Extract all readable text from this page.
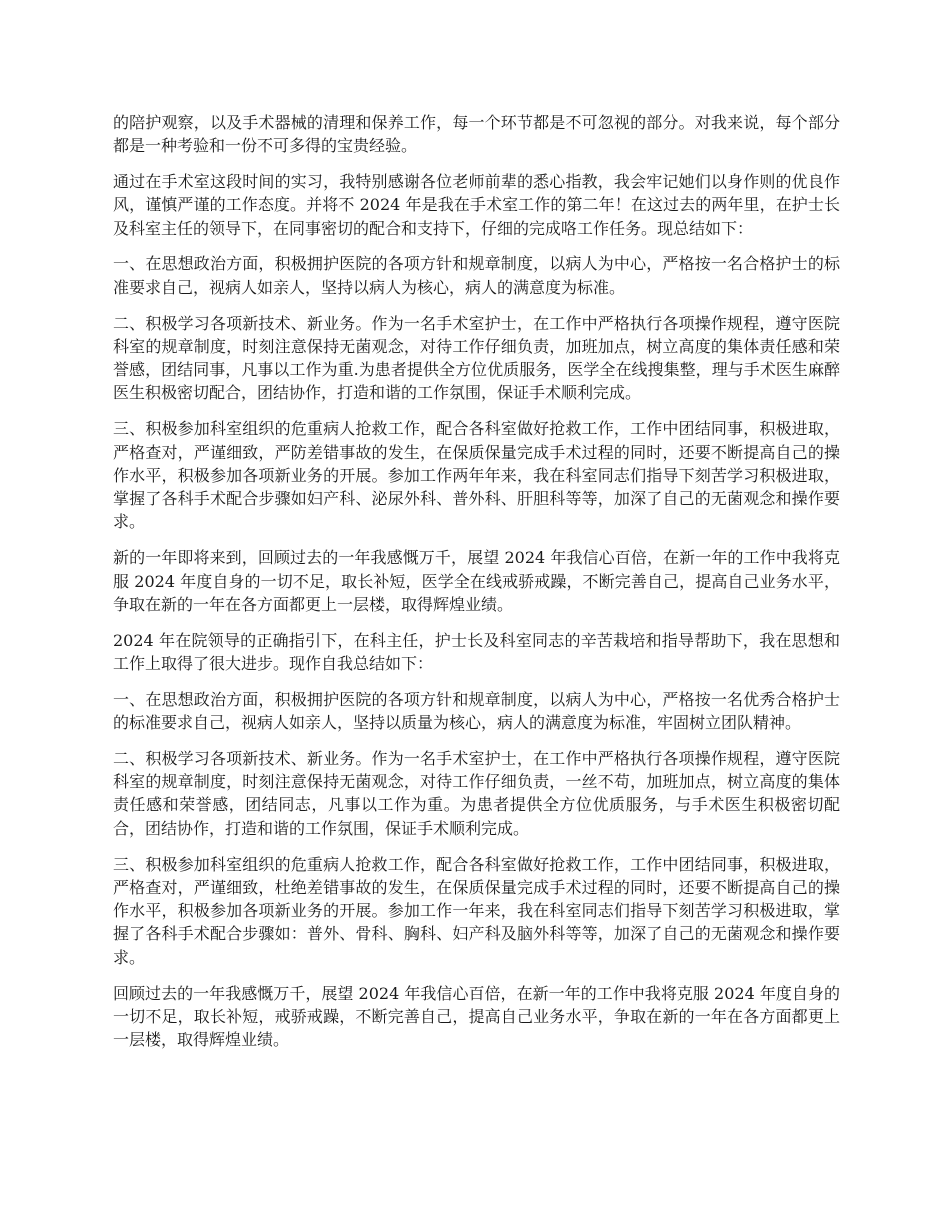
的陪护观察，以及手术器械的清理和保养工作，每一个环节都是不可忽视的部分。对我来说，每个部分都是一种考验和一份不可多得的宝贵经验。

通过在手术室这段时间的实习，我特别感谢各位老师前辈的悉心指教，我会牢记她们以身作则的优良作风，谨慎严谨的工作态度。并将不 2024 年是我在手术室工作的第二年！在这过去的两年里，在护士长及科室主任的领导下，在同事密切的配合和支持下，仔细的完成咯工作任务。现总结如下：

一、在思想政治方面，积极拥护医院的各项方针和规章制度，以病人为中心，严格按一名合格护士的标准要求自己，视病人如亲人，坚持以病人为核心，病人的满意度为标准。

二、积极学习各项新技术、新业务。作为一名手术室护士，在工作中严格执行各项操作规程，遵守医院科室的规章制度，时刻注意保持无菌观念，对待工作仔细负责，加班加点，树立高度的集体责任感和荣誉感，团结同事，凡事以工作为重.为患者提供全方位优质服务，医学全在线搜集整，理与手术医生麻醉医生积极密切配合，团结协作，打造和谐的工作氛围，保证手术顺利完成。

三、积极参加科室组织的危重病人抢救工作，配合各科室做好抢救工作，工作中团结同事，积极进取，严格查对，严谨细致，严防差错事故的发生，在保质保量完成手术过程的同时，还要不断提高自己的操作水平，积极参加各项新业务的开展。参加工作两年年来，我在科室同志们指导下刻苦学习积极进取，掌握了各科手术配合步骤如妇产科、泌尿外科、普外科、肝胆科等等，加深了自己的无菌观念和操作要求。

新的一年即将来到，回顾过去的一年我感慨万千，展望 2024 年我信心百倍，在新一年的工作中我将克服 2024 年度自身的一切不足，取长补短，医学全在线戒骄戒躁，不断完善自己，提高自己业务水平，争取在新的一年在各方面都更上一层楼，取得辉煌业绩。

2024 年在院领导的正确指引下，在科主任，护士长及科室同志的辛苦栽培和指导帮助下，我在思想和工作上取得了很大进步。现作自我总结如下：

一、在思想政治方面，积极拥护医院的各项方针和规章制度，以病人为中心，严格按一名优秀合格护士的标准要求自己，视病人如亲人，坚持以质量为核心，病人的满意度为标准，牢固树立团队精神。

二、积极学习各项新技术、新业务。作为一名手术室护士，在工作中严格执行各项操作规程，遵守医院科室的规章制度，时刻注意保持无菌观念，对待工作仔细负责，一丝不苟，加班加点，树立高度的集体责任感和荣誉感，团结同志，凡事以工作为重。为患者提供全方位优质服务，与手术医生积极密切配合，团结协作，打造和谐的工作氛围，保证手术顺利完成。

三、积极参加科室组织的危重病人抢救工作，配合各科室做好抢救工作，工作中团结同事，积极进取，严格查对，严谨细致，杜绝差错事故的发生，在保质保量完成手术过程的同时，还要不断提高自己的操作水平，积极参加各项新业务的开展。参加工作一年来，我在科室同志们指导下刻苦学习积极进取，掌握了各科手术配合步骤如：普外、骨科、胸科、妇产科及脑外科等等，加深了自己的无菌观念和操作要求。

回顾过去的一年我感慨万千，展望 2024 年我信心百倍，在新一年的工作中我将克服 2024 年度自身的一切不足，取长补短，戒骄戒躁，不断完善自己，提高自己业务水平，争取在新的一年在各方面都更上一层楼，取得辉煌业绩。
